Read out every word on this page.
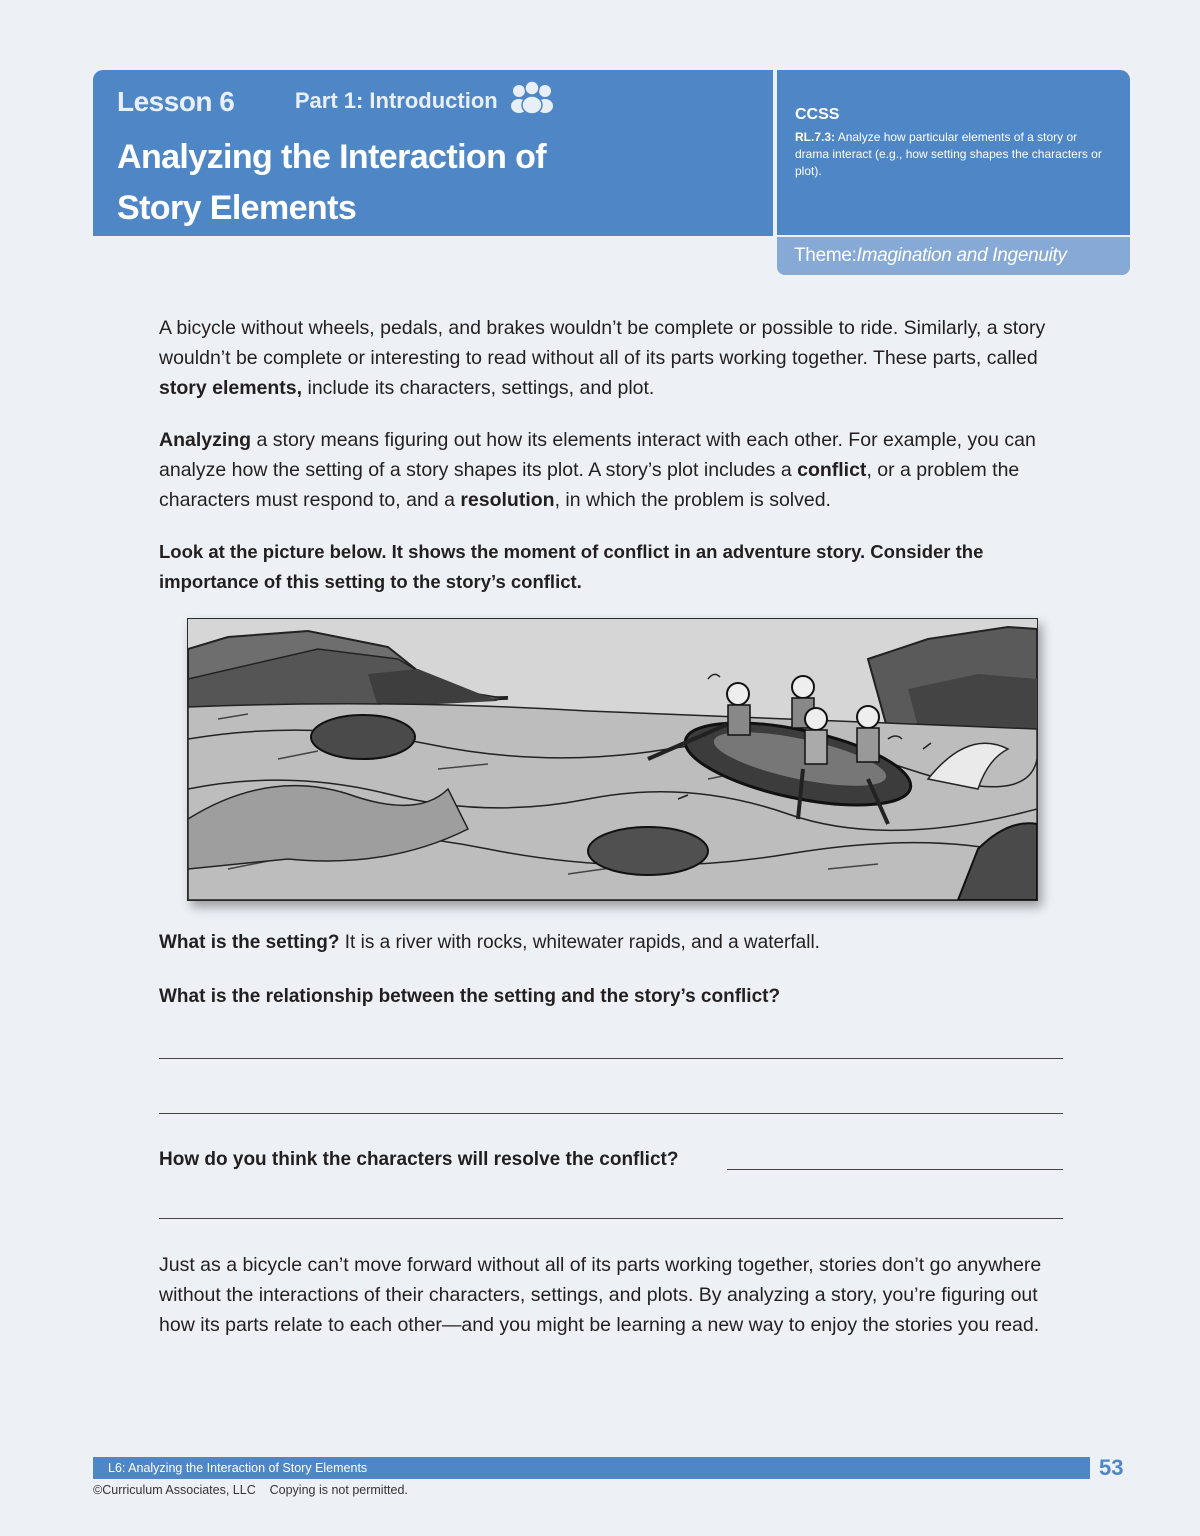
Lesson 6	Part 1: Introduction
Analyzing the Interaction of
Story Elements
CCSS
RL.7.3: Analyze how particular elements of a story or drama interact (e.g., how setting shapes the characters or plot).
Theme:Imagination and Ingenuity

A bicycle without wheels, pedals, and brakes wouldn’t be complete or possible to ride. Similarly, a story wouldn’t be complete or interesting to read without all of its parts working together. These parts, called story elements, include its characters, settings, and plot.

Analyzing a story means figuring out how its elements interact with each other. For example, you can analyze how the setting of a story shapes its plot. A story’s plot includes a conflict, or a problem the characters must respond to, and a resolution, in which the problem is solved.

Look at the picture below. It shows the moment of conflict in an adventure story. Consider the importance of this setting to the story’s conflict.

What is the setting? It is a river with rocks, whitewater rapids, and a waterfall.
What is the relationship between the setting and the story’s conflict?
How do you think the characters will resolve the conflict?

Just as a bicycle can’t move forward without all of its parts working together, stories don’t go anywhere without the interactions of their characters, settings, and plots. By analyzing a story, you’re figuring out how its parts relate to each other—and you might be learning a new way to enjoy the stories you read.

L6: Analyzing the Interaction of Story Elements	53
©Curriculum Associates, LLC    Copying is not permitted.
